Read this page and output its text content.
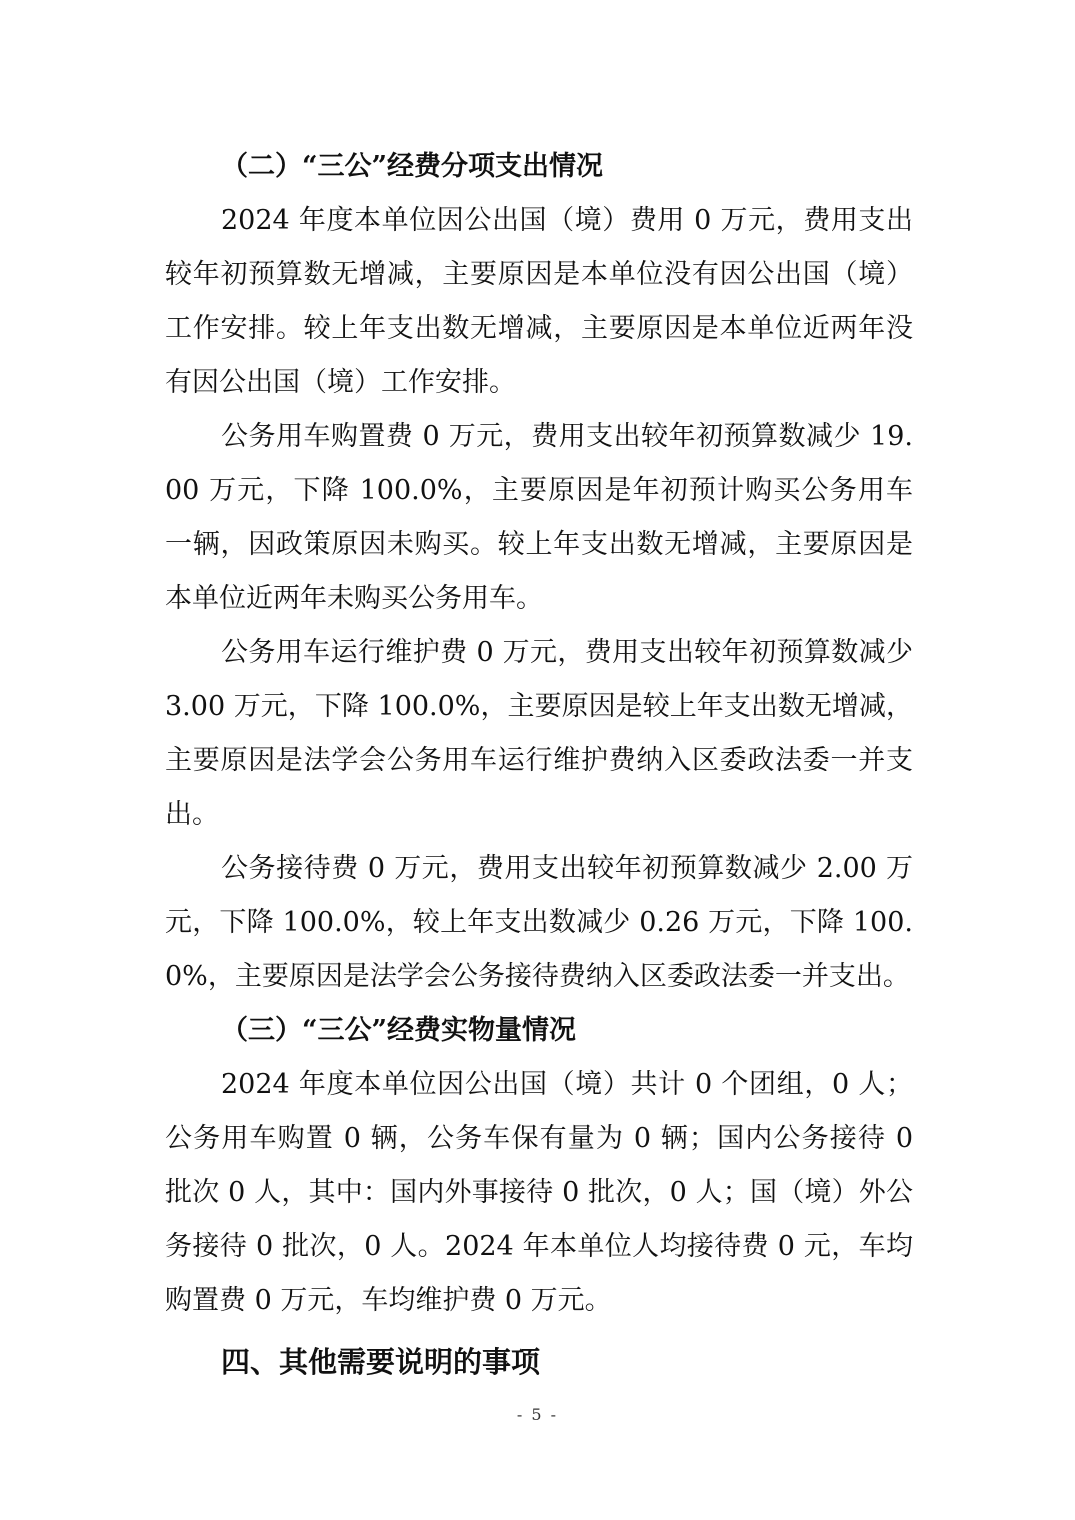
（二）“三公”经费分项支出情况

2024 年度本单位因公出国（境）费用 0 万元，费用支出较年初预算数无增减，主要原因是本单位没有因公出国（境）工作安排。较上年支出数无增减，主要原因是本单位近两年没有因公出国（境）工作安排。

公务用车购置费 0 万元，费用支出较年初预算数减少 19.00 万元，下降 100.0%，主要原因是年初预计购买公务用车一辆，因政策原因未购买。较上年支出数无增减，主要原因是本单位近两年未购买公务用车。

公务用车运行维护费 0 万元，费用支出较年初预算数减少 3.00 万元，下降 100.0%，主要原因是较上年支出数无增减，主要原因是法学会公务用车运行维护费纳入区委政法委一并支出。

公务接待费 0 万元，费用支出较年初预算数减少 2.00 万元，下降 100.0%，较上年支出数减少 0.26 万元，下降 100.0%，主要原因是法学会公务接待费纳入区委政法委一并支出。

（三）“三公”经费实物量情况

2024 年度本单位因公出国（境）共计 0 个团组，0 人；公务用车购置 0 辆，公务车保有量为 0 辆；国内公务接待 0 批次 0 人，其中：国内外事接待 0 批次，0 人；国（境）外公务接待 0 批次，0 人。2024 年本单位人均接待费 0 元，车均购置费 0 万元，车均维护费 0 万元。

四、其他需要说明的事项

- 5 -
